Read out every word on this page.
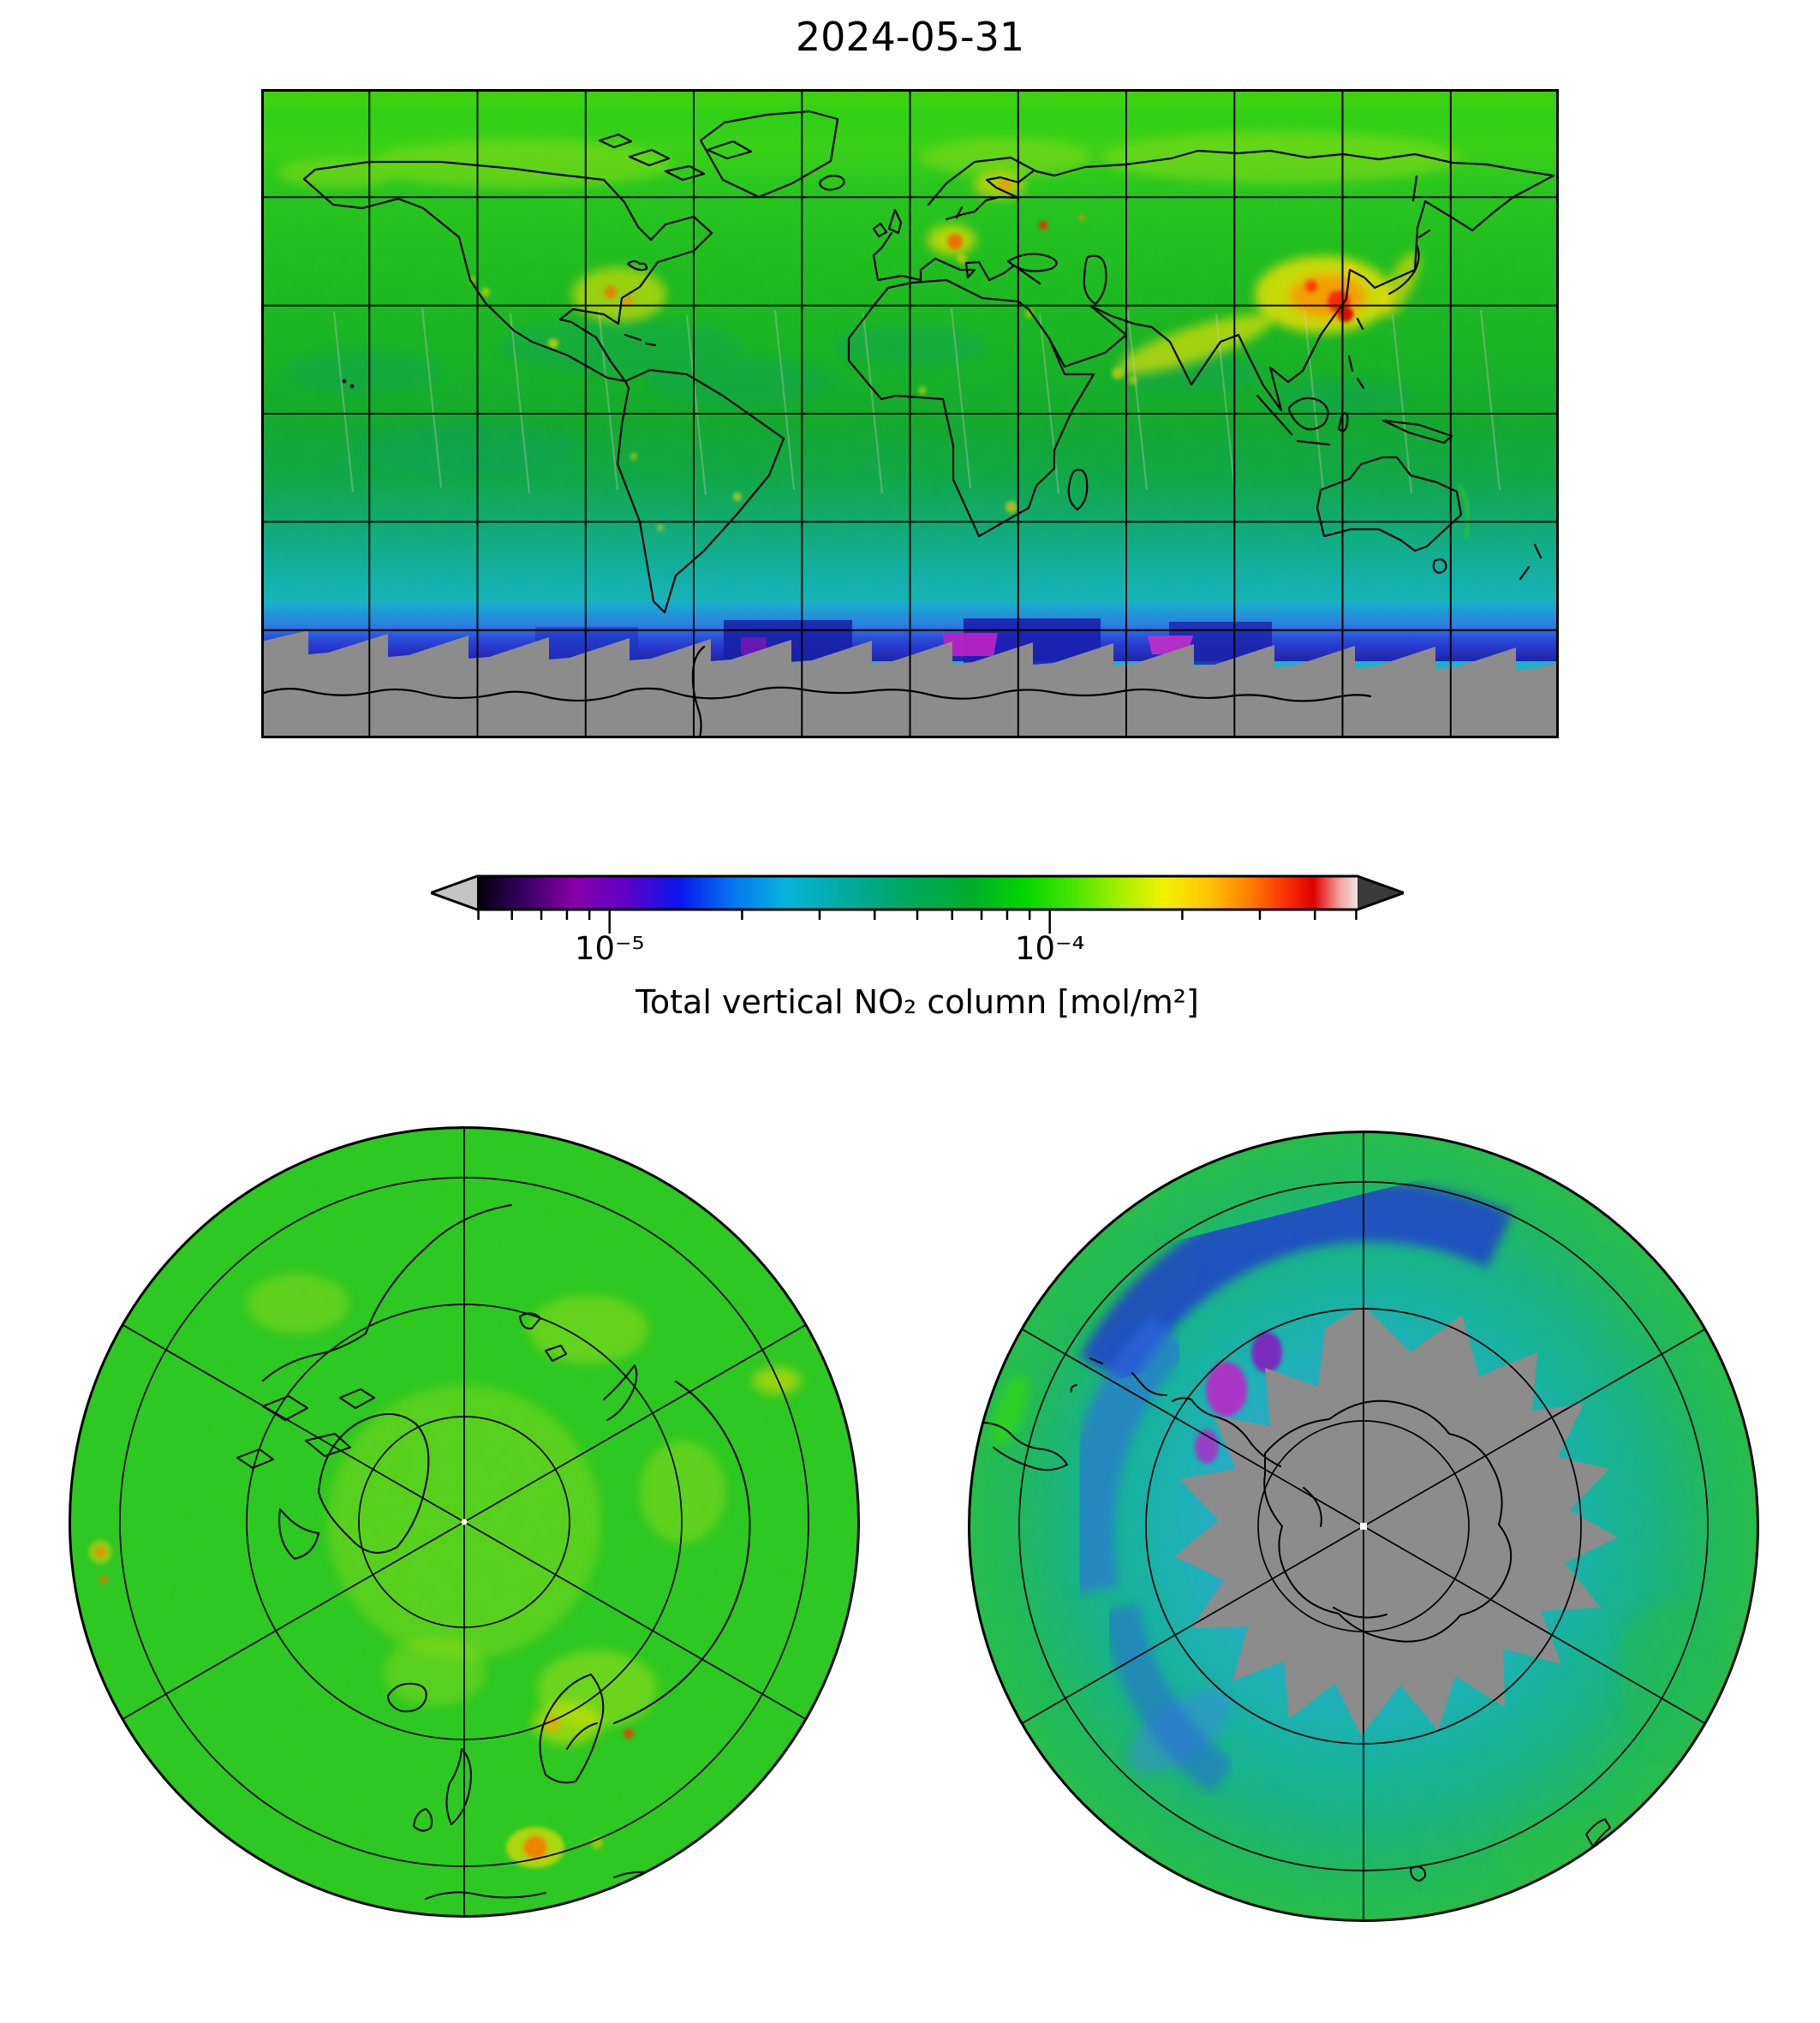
2024-05-31
10⁻⁵	10⁻⁴
Total vertical NO₂ column [mol/m²]
